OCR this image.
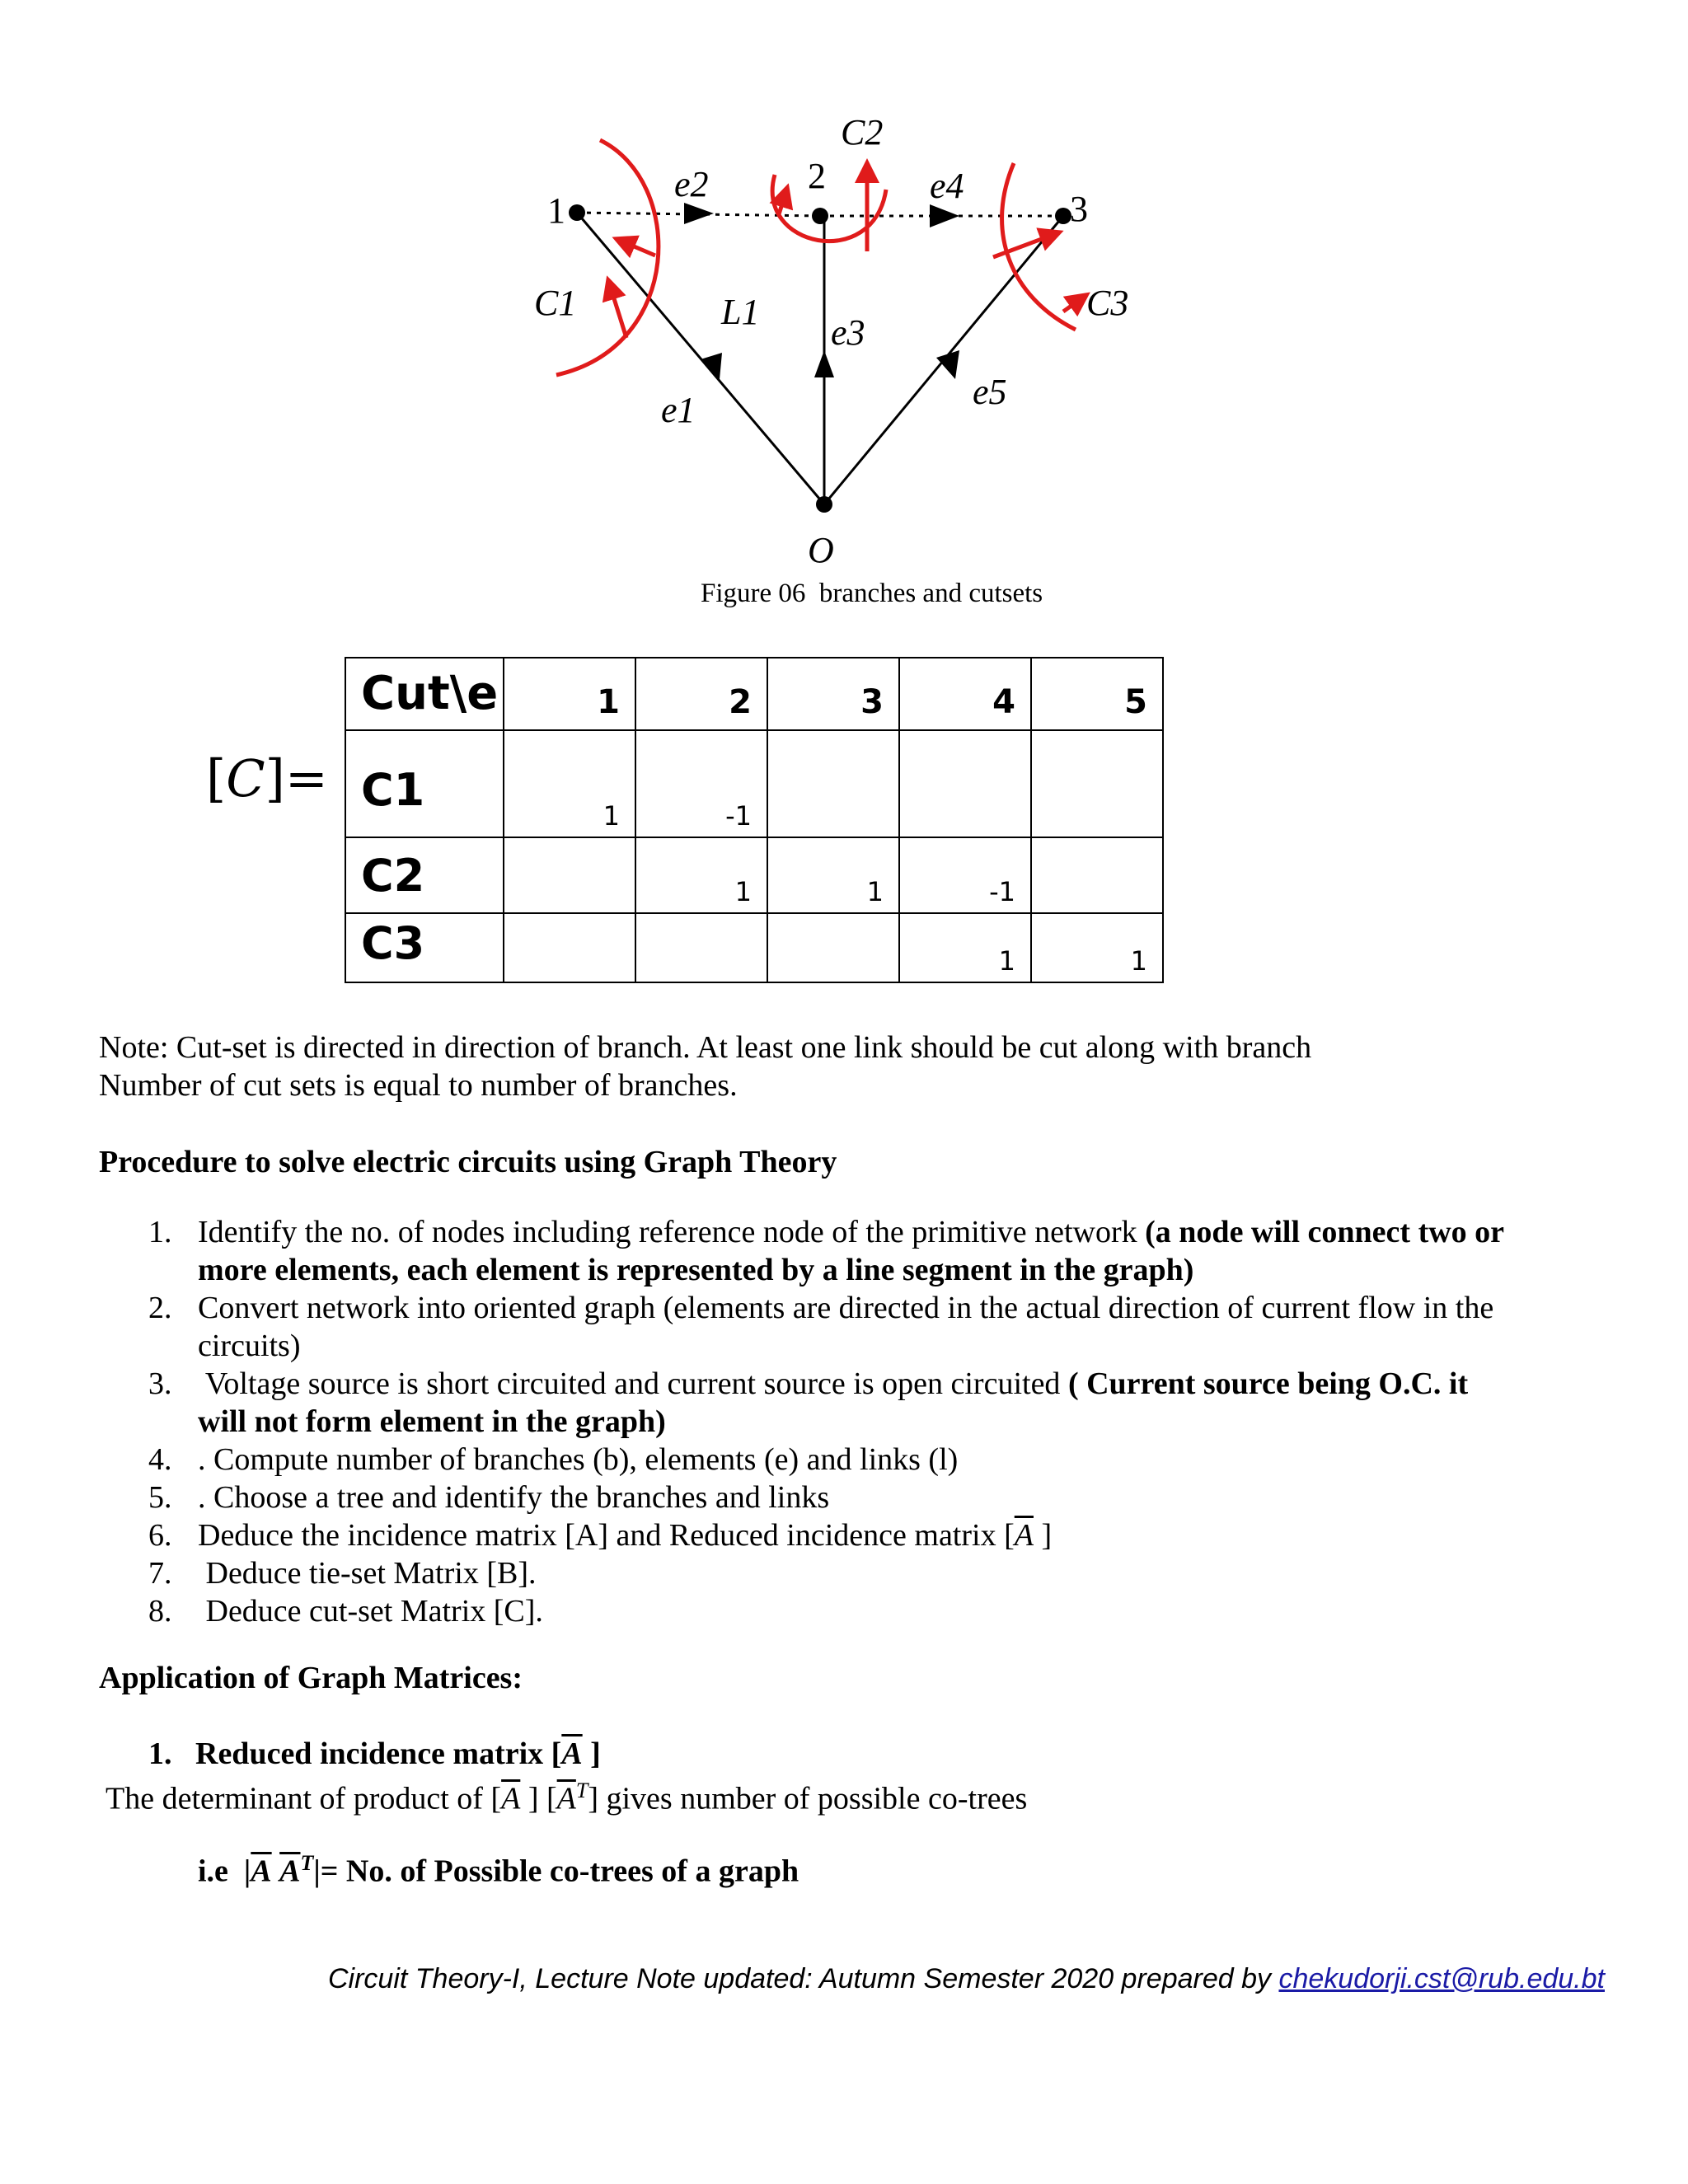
1
2
3
O
e1
e2
e3
e4
e5
C1
C2
C3
L1
Figure 06  branches and cutsets
[C]=
Cut\e	1	2	3	4	5

C1	1	-1			

C2		1	1	-1	

C3				1	1
Note: Cut-set is directed in direction of branch. At least one link should be cut along with branch
Number of cut sets is equal to number of branches.
Procedure to solve electric circuits using Graph Theory
1. Identify the no. of nodes including reference node of the primitive network (a node will connect two or
more elements, each element is represented by a line segment in the graph)
2. Convert network into oriented graph (elements are directed in the actual direction of current flow in the
circuits)
3. Voltage source is short circuited and current source is open circuited ( Current source being O.C. it
will not form element in the graph)
4. . Compute number of branches (b), elements (e) and links (l)
5. . Choose a tree and identify the branches and links
6. Deduce the incidence matrix [A] and Reduced incidence matrix [$\overline{A}$ ]
7. Deduce tie-set Matrix [B].
8. Deduce cut-set Matrix [C].
Application of Graph Matrices:
1. Reduced incidence matrix [$\overline{A}$ ]
The determinant of product of [$\overline{A}$ ] $[\overline{A}^T]$ gives number of possible co-trees
i.e  $|\overline{A}$ $\overline{A}^T|= No$. of Possible co-trees of a graph
Circuit Theory-I, Lecture Note updated: Autumn Semester 2020 prepared by chekudorji.cst@rub.edu.bt
